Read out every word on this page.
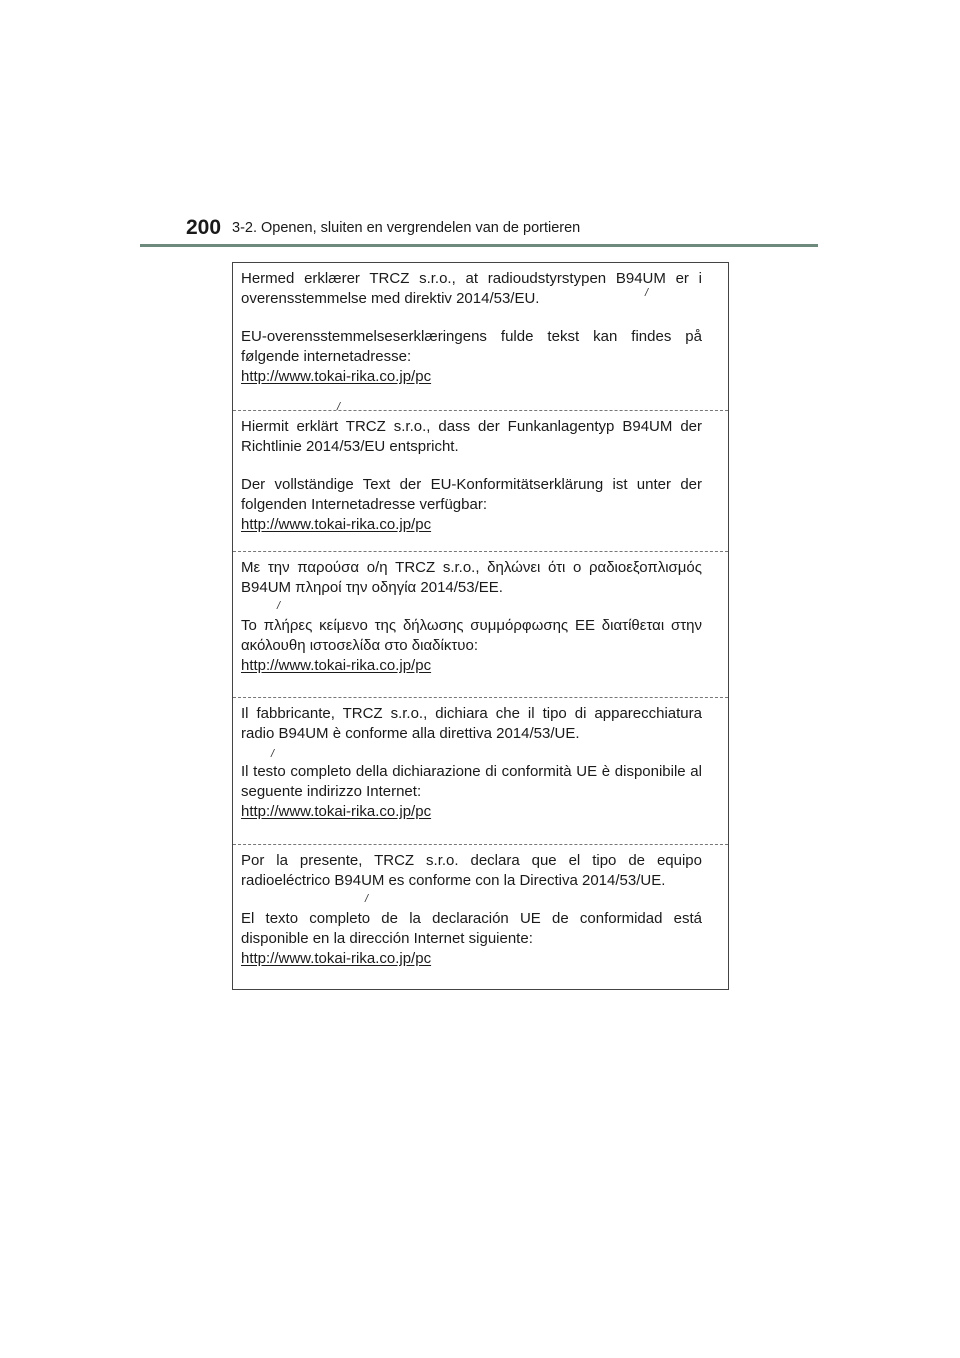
200 3-2. Openen, sluiten en vergrendelen van de portieren

Hermed erklærer TRCZ s.r.o., at radioudstyrstypen B94UM er i overensstemmelse med direktiv 2014/53/EU.

EU-overensstemmelseserklæringens fulde tekst kan findes på følgende internetadresse:

http://www.tokai-rika.co.jp/pc
/

Hiermit erklärt TRCZ s.r.o., dass der Funkanlagentyp B94UM der Richtlinie 2014/53/EU entspricht.

Der vollständige Text der EU-Konformitätserklärung ist unter der folgenden Internetadresse verfügbar:

http://www.tokai-rika.co.jp/pc
/

Με την παρούσα ο/η TRCZ s.r.o., δηλώνει ότι ο ραδιοεξοπλισμός B94UM πληροί την οδηγία 2014/53/ΕΕ.

Το πλήρες κείμενο της δήλωσης συμμόρφωσης ΕΕ διατίθεται στην ακόλουθη ιστοσελίδα στο διαδίκτυο:

http://www.tokai-rika.co.jp/pc
/

Il fabbricante, TRCZ s.r.o., dichiara che il tipo di apparecchiatura radio B94UM è conforme alla direttiva 2014/53/UE.

Il testo completo della dichiarazione di conformità UE è disponibile al seguente indirizzo Internet:

http://www.tokai-rika.co.jp/pc
/

Por la presente, TRCZ s.r.o. declara que el tipo de equipo radioeléctrico B94UM es conforme con la Directiva 2014/53/UE.

El texto completo de la declaración UE de conformidad está disponible en la dirección Internet siguiente:

http://www.tokai-rika.co.jp/pc
/
